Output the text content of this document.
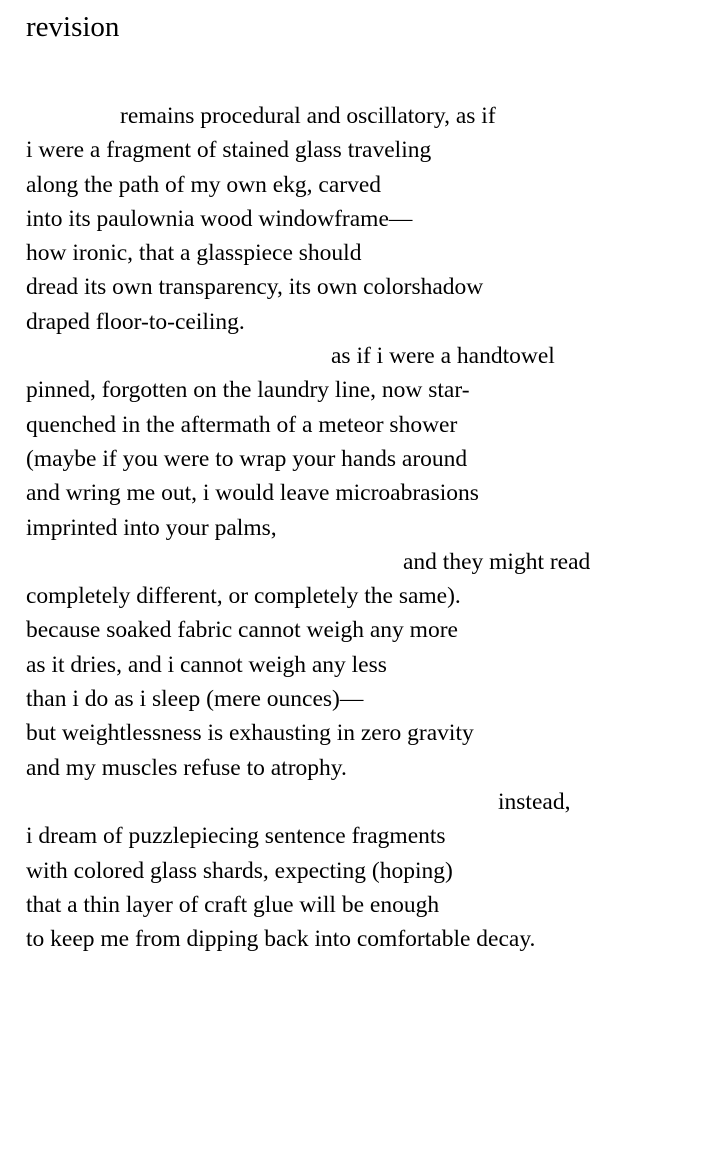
revision
remains procedural and oscillatory, as if
i were a fragment of stained glass traveling
along the path of my own ekg, carved
into its paulownia wood windowframe—
how ironic, that a glasspiece should
dread its own transparency, its own colorshadow
draped floor-to-ceiling.
as if i were a handtowel
pinned, forgotten on the laundry line, now star-
quenched in the aftermath of a meteor shower
(maybe if you were to wrap your hands around
and wring me out, i would leave microabrasions
imprinted into your palms,
and they might read
completely different, or completely the same).
because soaked fabric cannot weigh any more
as it dries, and i cannot weigh any less
than i do as i sleep (mere ounces)—
but weightlessness is exhausting in zero gravity
and my muscles refuse to atrophy.
instead,
i dream of puzzlepiecing sentence fragments
with colored glass shards, expecting (hoping)
that a thin layer of craft glue will be enough
to keep me from dipping back into comfortable decay.
